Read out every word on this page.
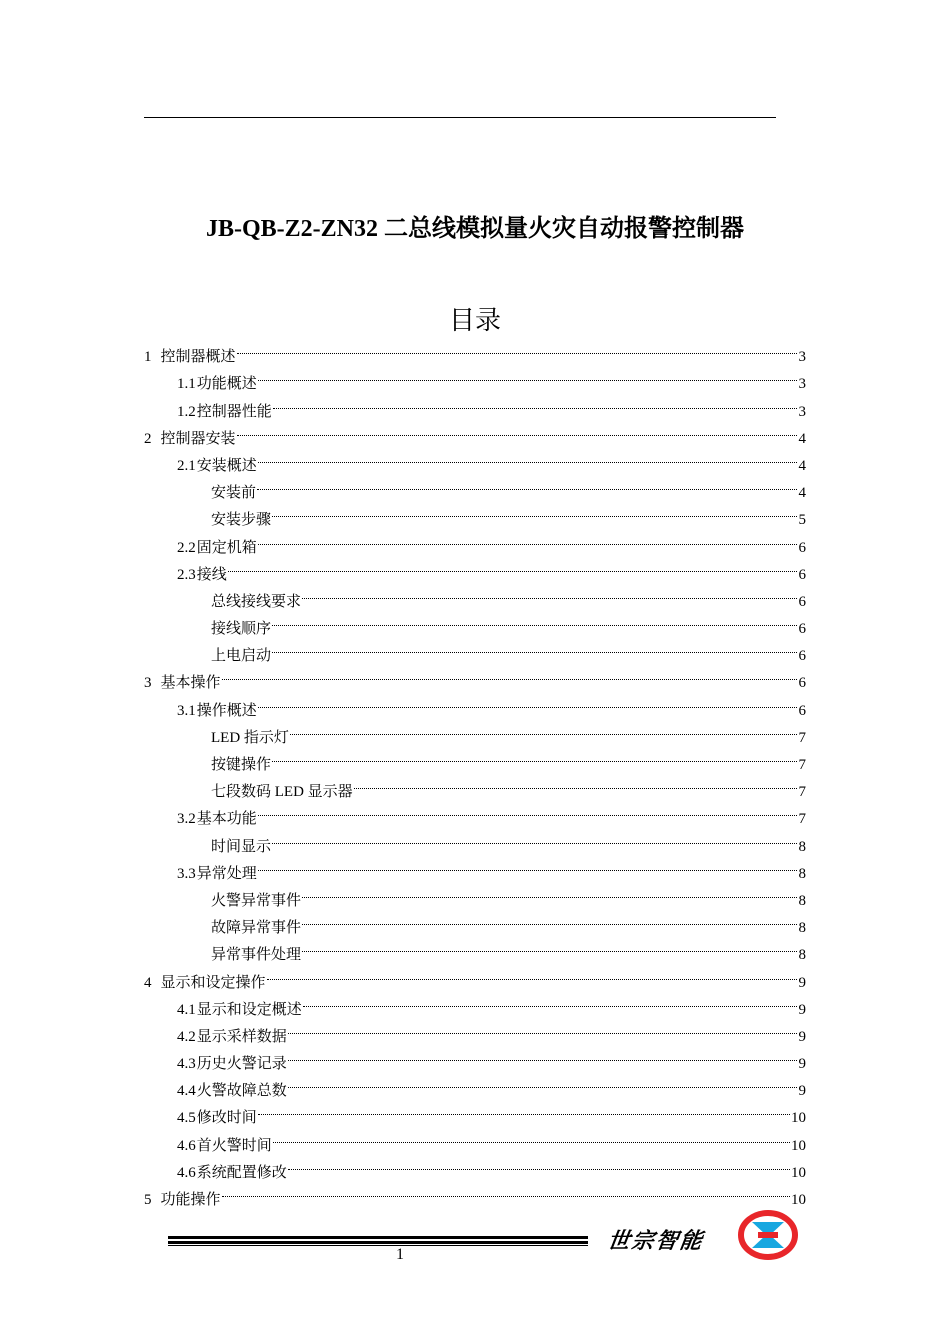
JB-QB-Z2-ZN32 二总线模拟量火灾自动报警控制器
目录
1 控制器概述	3
1.1 功能概述	3
1.2 控制器性能	3
2 控制器安装	4
2.1 安装概述	4
安装前	4
安装步骤	5
2.2 固定机箱	6
2.3 接线	6
总线接线要求	6
接线顺序	6
上电启动	6
3 基本操作	6
3.1 操作概述	6
LED 指示灯	7
按键操作	7
七段数码 LED 显示器	7
3.2 基本功能	7
时间显示	8
3.3 异常处理	8
火警异常事件	8
故障异常事件	8
异常事件处理	8
4 显示和设定操作	9
4.1 显示和设定概述	9
4.2 显示采样数据	9
4.3 历史火警记录	9
4.4 火警故障总数	9
4.5 修改时间	10
4.6 首火警时间	10
4.6 系统配置修改	10
5 功能操作	10
世宗智能
1
